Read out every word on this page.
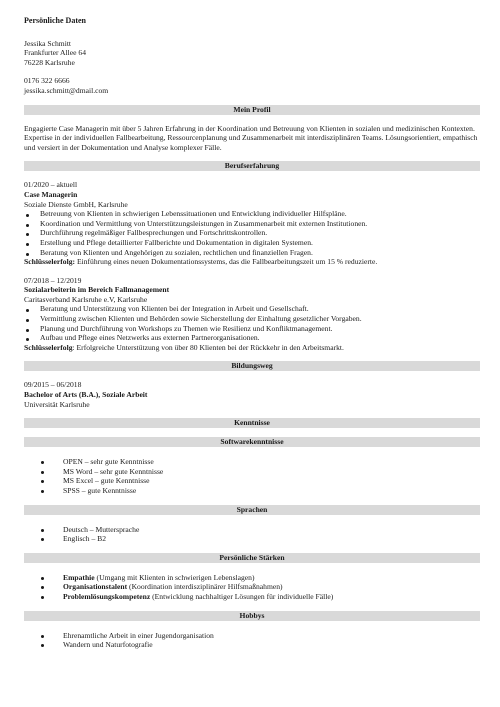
Persönliche Daten
Jessika Schmitt
Frankfurter Allee 64
76228 Karlsruhe
0176 322 6666
jessika.schmitt@dmail.com
Mein Profil

Engagierte Case Managerin mit über 5 Jahren Erfahrung in der Koordination und Betreuung von Klienten in sozialen und medizinischen Kontexten. Expertise in der individuellen Fallbearbeitung, Ressourcenplanung und Zusammenarbeit mit interdisziplinären Teams. Lösungsorientiert, empathisch und versiert in der Dokumentation und Analyse komplexer Fälle.

Berufserfahrung
01/2020 – aktuell
Case Managerin
Soziale Dienste GmbH, Karlsruhe
Betreuung von Klienten in schwierigen Lebenssituationen und Entwicklung individueller Hilfspläne.
Koordination und Vermittlung von Unterstützungsleistungen in Zusammenarbeit mit externen Institutionen.
Durchführung regelmäßiger Fallbesprechungen und Fortschrittskontrollen.
Erstellung und Pflege detaillierter Fallberichte und Dokumentation in digitalen Systemen.
Beratung von Klienten und Angehörigen zu sozialen, rechtlichen und finanziellen Fragen.
Schlüsselerfolg: Einführung eines neuen Dokumentationssystems, das die Fallbearbeitungszeit um 15 % reduzierte.
07/2018 – 12/2019
Sozialarbeiterin im Bereich Fallmanagement
Caritasverband Karlsruhe e.V, Karlsruhe
Beratung und Unterstützung von Klienten bei der Integration in Arbeit und Gesellschaft.
Vermittlung zwischen Klienten und Behörden sowie Sicherstellung der Einhaltung gesetzlicher Vorgaben.
Planung und Durchführung von Workshops zu Themen wie Resilienz und Konfliktmanagement.
Aufbau und Pflege eines Netzwerks aus externen Partnerorganisationen.
Schlüsselerfolg: Erfolgreiche Unterstützung von über 80 Klienten bei der Rückkehr in den Arbeitsmarkt.
Bildungsweg
09/2015 – 06/2018
Bachelor of Arts (B.A.), Soziale Arbeit
Universität Karlsruhe
Kenntnisse
Softwarekenntnisse
OPEN – sehr gute Kenntnisse
MS Word – sehr gute Kenntnisse
MS Excel – gute Kenntnisse
SPSS – gute Kenntnisse
Sprachen
Deutsch – Muttersprache
Englisch – B2
Persönliche Stärken
Empathie (Umgang mit Klienten in schwierigen Lebenslagen)
Organisationstalent (Koordination interdisziplinärer Hilfsmaßnahmen)
Problemlösungskompetenz (Entwicklung nachhaltiger Lösungen für individuelle Fälle)
Hobbys
Ehrenamtliche Arbeit in einer Jugendorganisation
Wandern und Naturfotografie
